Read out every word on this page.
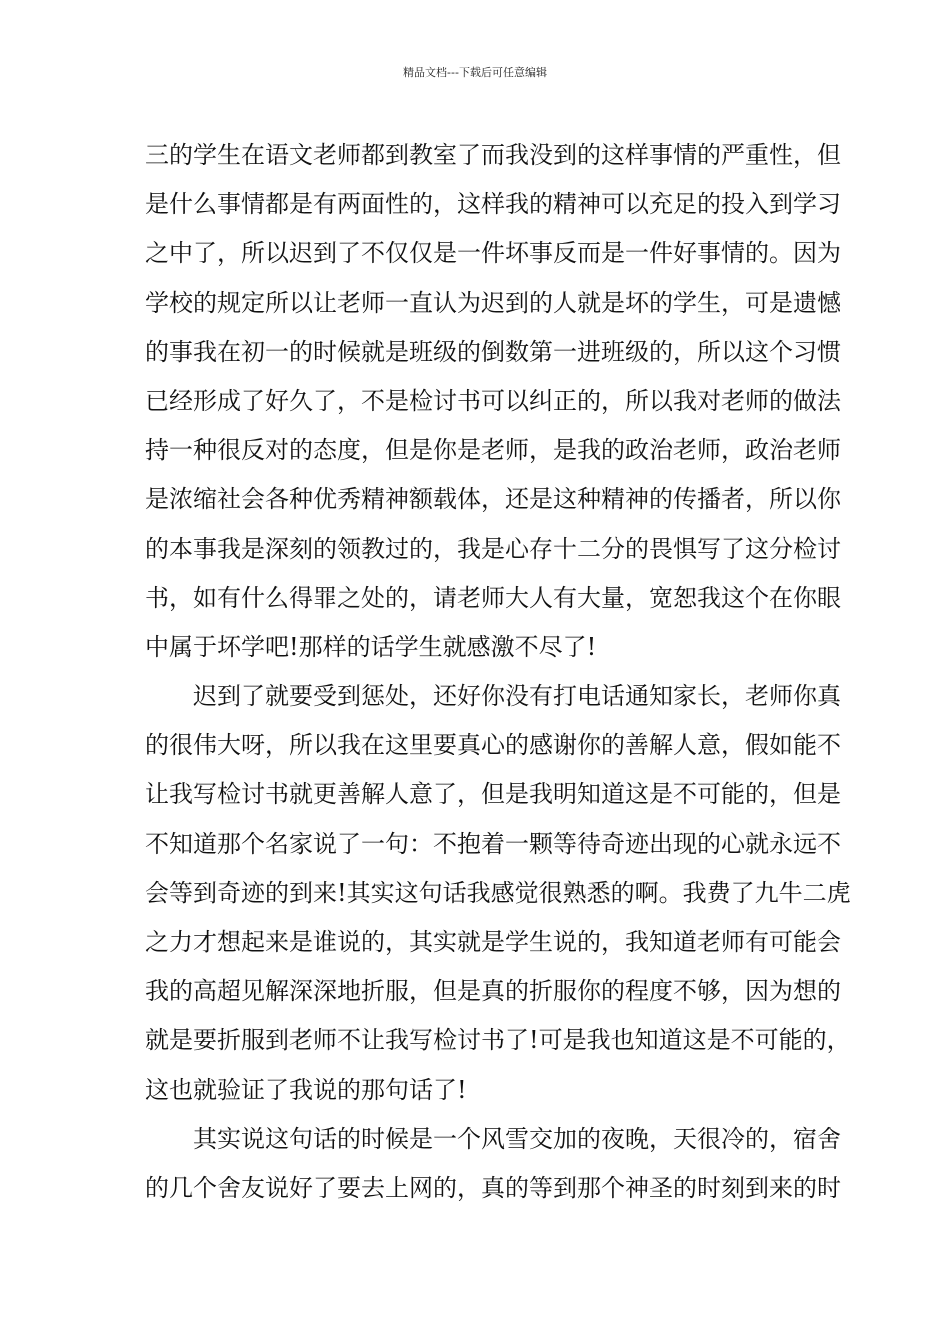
精品文档---下载后可任意编辑
三的学生在语文老师都到教室了而我没到的这样事情的严重性，但
是什么事情都是有两面性的，这样我的精神可以充足的投入到学习
之中了，所以迟到了不仅仅是一件坏事反而是一件好事情的。因为
学校的规定所以让老师一直认为迟到的人就是坏的学生，可是遗憾
的事我在初一的时候就是班级的倒数第一进班级的，所以这个习惯
已经形成了好久了，不是检讨书可以纠正的，所以我对老师的做法
持一种很反对的态度，但是你是老师，是我的政治老师，政治老师
是浓缩社会各种优秀精神额载体，还是这种精神的传播者，所以你
的本事我是深刻的领教过的，我是心存十二分的畏惧写了这分检讨
书，如有什么得罪之处的，请老师大人有大量，宽恕我这个在你眼
中属于坏学吧!那样的话学生就感激不尽了!
迟到了就要受到惩处，还好你没有打电话通知家长，老师你真
的很伟大呀，所以我在这里要真心的感谢你的善解人意，假如能不
让我写检讨书就更善解人意了，但是我明知道这是不可能的，但是
不知道那个名家说了一句：不抱着一颗等待奇迹出现的心就永远不
会等到奇迹的到来!其实这句话我感觉很熟悉的啊。我费了九牛二虎
之力才想起来是谁说的，其实就是学生说的，我知道老师有可能会
我的高超见解深深地折服，但是真的折服你的程度不够，因为想的
就是要折服到老师不让我写检讨书了!可是我也知道这是不可能的，
这也就验证了我说的那句话了!
其实说这句话的时候是一个风雪交加的夜晚，天很冷的，宿舍
的几个舍友说好了要去上网的，真的等到那个神圣的时刻到来的时
